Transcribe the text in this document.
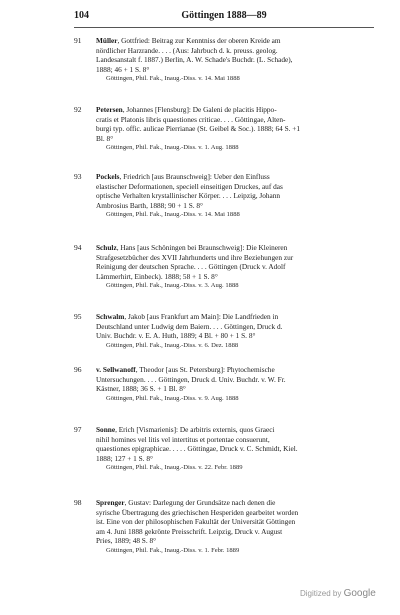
104	Göttingen 1888—89
91 Müller, Gottfried: Beitrag zur Kenntniss der oberen Kreide am
nördlicher Harzrande. . . . (Aus: Jahrbuch d. k. preuss. geolog.
Landesanstalt f. 1887.) Berlin, A. W. Schade's Buchdr. (L. Schade),
1888; 46 + 1 S. 8°
Göttingen, Phil. Fak., Inaug.-Diss. v. 14. Mai 1888
92 Petersen, Johannes [Flensburg]: De Galeni de placitis Hippo-
cratis et Platonis libris quaestiones criticae. . . . Göttingae, Alten-
burgi typ. offic. aulicae Pierrianae (St. Geibel & Soc.). 1888; 64 S. +1
Bl. 8°
Göttingen, Phil. Fak., Inaug.-Diss. v. 1. Aug. 1888
93 Pockels, Friedrich [aus Braunschweig]: Ueber den Einfluss
elastischer Deformationen, speciell einseitigen Druckes, auf das
optische Verhalten krystallinischer Körper. . . . Leipzig, Johann
Ambrosius Barth, 1888; 90 + 1 S. 8°
Göttingen, Phil. Fak., Inaug.-Diss. v. 14. Mai 1888
94 Schulz, Hans [aus Schöningen bei Braunschweig]: Die Kleineren
Strafgesetzbücher des XVII Jahrhunderts und ihre Beziehungen zur
Reinigung der deutschen Sprache. . . . Göttingen (Druck v. Adolf
Lämmerhirt, Einbeck). 1888; 58 + 1 S. 8°
Göttingen, Phil. Fak., Inaug.-Diss. v. 3. Aug. 1888
95 Schwalm, Jakob [aus Frankfurt am Main]: Die Landfrieden in
Deutschland unter Ludwig dem Baiern. . . . Göttingen, Druck d.
Univ. Buchdr. v. E. A. Huth, 1889; 4 Bl. + 80 + 1 S. 8°
Göttingen, Phil. Fak., Inaug.-Diss. v. 6. Dez. 1888
96 v. Sellwanoff, Theodor [aus St. Petersburg]: Phytochemische
Untersuchungen. . . . Göttingen, Druck d. Univ. Buchdr. v. W. Fr.
Kästner, 1888; 36 S. + 1 Bl. 8°
Göttingen, Phil. Fak., Inaug.-Diss. v. 9. Aug. 1888
97 Sonne, Erich [Vismarienis]: De arbitris externis, quos Graeci
nihil homines vel litis vel intertitus et portentae consuerunt,
quaestiones epigraphicae. . . . . Göttingae, Druck v. C. Schmidt, Kiel.
1888; 127 + 1 S. 8°
Göttingen, Phil. Fak., Inaug.-Diss. v. 22. Febr. 1889
98 Sprenger, Gustav: Darlegung der Grundsätze nach denen die
syrische Übertragung des griechischen Hesperiden gearbeitet worden
ist. Eine von der philosophischen Fakultät der Universität Göttingen
am 4. Juni 1888 gekrönte Preisschrift. Leipzig, Druck v. August
Pries, 1889; 48 S. 8°
Göttingen, Phil. Fak., Inaug.-Diss. v. 1. Febr. 1889
Digitized by Google
